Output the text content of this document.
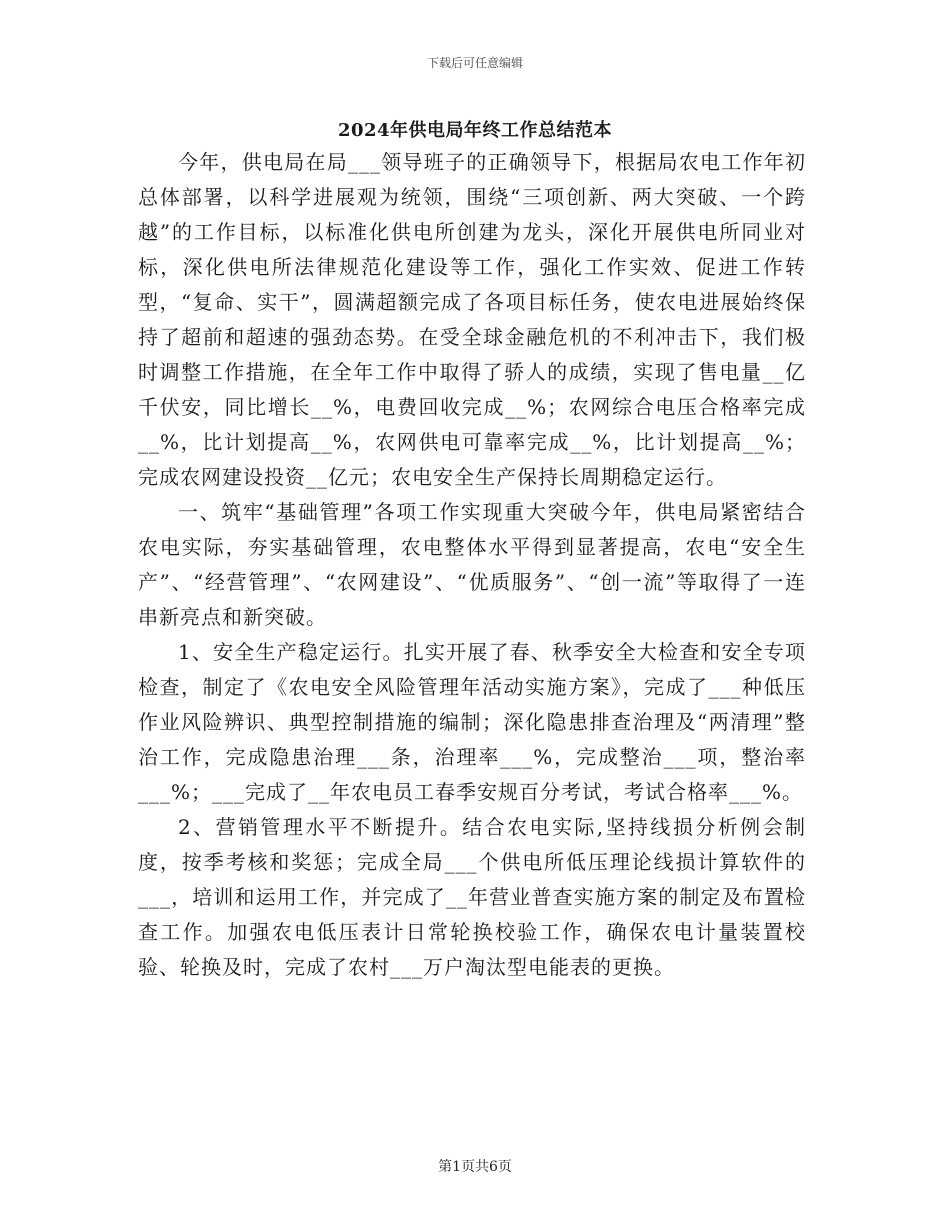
下载后可任意编辑
2024年供电局年终工作总结范本

今年，供电局在局___领导班子的正确领导下，根据局农电工作年初总体部署，以科学进展观为统领，围绕“三项创新、两大突破、一个跨越”的工作目标，以标准化供电所创建为龙头，深化开展供电所同业对标，深化供电所法律规范化建设等工作，强化工作实效、促进工作转型，“复命、实干”，圆满超额完成了各项目标任务，使农电进展始终保持了超前和超速的强劲态势。在受全球金融危机的不利冲击下，我们极时调整工作措施，在全年工作中取得了骄人的成绩，实现了售电量__亿千伏安，同比增长__%，电费回收完成__%；农网综合电压合格率完成__%，比计划提高__%，农网供电可靠率完成__%，比计划提高__%；完成农网建设投资__亿元；农电安全生产保持长周期稳定运行。

一、筑牢“基础管理”各项工作实现重大突破今年，供电局紧密结合农电实际，夯实基础管理，农电整体水平得到显著提高，农电“安全生产”、“经营管理”、“农网建设”、“优质服务”、“创一流”等取得了一连串新亮点和新突破。

1、安全生产稳定运行。扎实开展了春、秋季安全大检查和安全专项检查，制定了《农电安全风险管理年活动实施方案》，完成了___种低压作业风险辨识、典型控制措施的编制；深化隐患排查治理及“两清理”整治工作，完成隐患治理___条，治理率___%，完成整治___项，整治率___%；___完成了__年农电员工春季安规百分考试，考试合格率___%。

2、营销管理水平不断提升。结合农电实际,坚持线损分析例会制度，按季考核和奖惩；完成全局___个供电所低压理论线损计算软件的___，培训和运用工作，并完成了__年营业普查实施方案的制定及布置检查工作。加强农电低压表计日常轮换校验工作，确保农电计量装置校验、轮换及时，完成了农村___万户淘汰型电能表的更换。

第1页共6页
